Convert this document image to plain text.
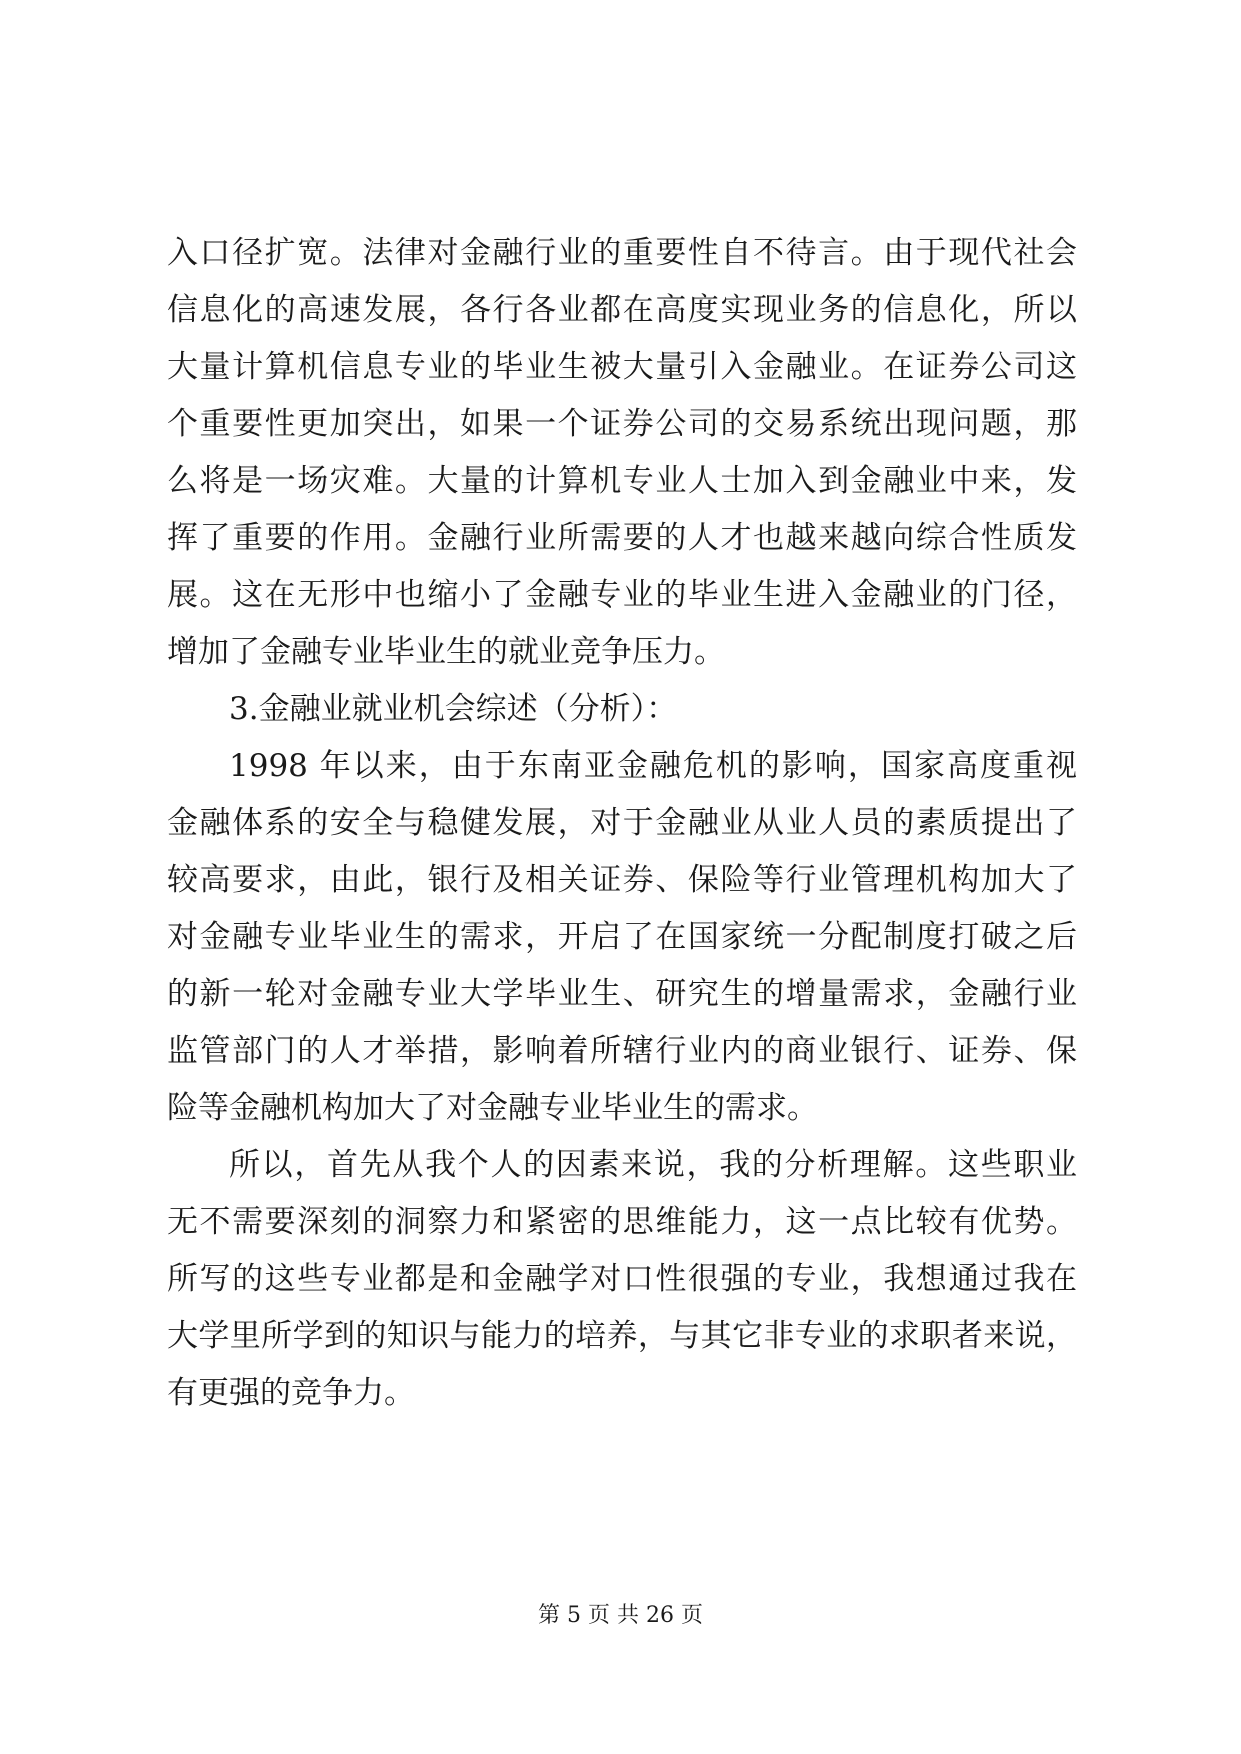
入口径扩宽。法律对金融行业的重要性自不待言。由于现代社会
信息化的高速发展，各行各业都在高度实现业务的信息化，所以
大量计算机信息专业的毕业生被大量引入金融业。在证券公司这
个重要性更加突出，如果一个证券公司的交易系统出现问题，那
么将是一场灾难。大量的计算机专业人士加入到金融业中来，发
挥了重要的作用。金融行业所需要的人才也越来越向综合性质发
展。这在无形中也缩小了金融专业的毕业生进入金融业的门径，
增加了金融专业毕业生的就业竞争压力。
3.金融业就业机会综述（分析）：
1998 年以来，由于东南亚金融危机的影响，国家高度重视
金融体系的安全与稳健发展，对于金融业从业人员的素质提出了
较高要求，由此，银行及相关证券、保险等行业管理机构加大了
对金融专业毕业生的需求，开启了在国家统一分配制度打破之后
的新一轮对金融专业大学毕业生、研究生的增量需求，金融行业
监管部门的人才举措，影响着所辖行业内的商业银行、证券、保
险等金融机构加大了对金融专业毕业生的需求。
所以，首先从我个人的因素来说，我的分析理解。这些职业
无不需要深刻的洞察力和紧密的思维能力，这一点比较有优势。
所写的这些专业都是和金融学对口性很强的专业，我想通过我在
大学里所学到的知识与能力的培养，与其它非专业的求职者来说，
有更强的竞争力。
第 5 页 共 26 页
